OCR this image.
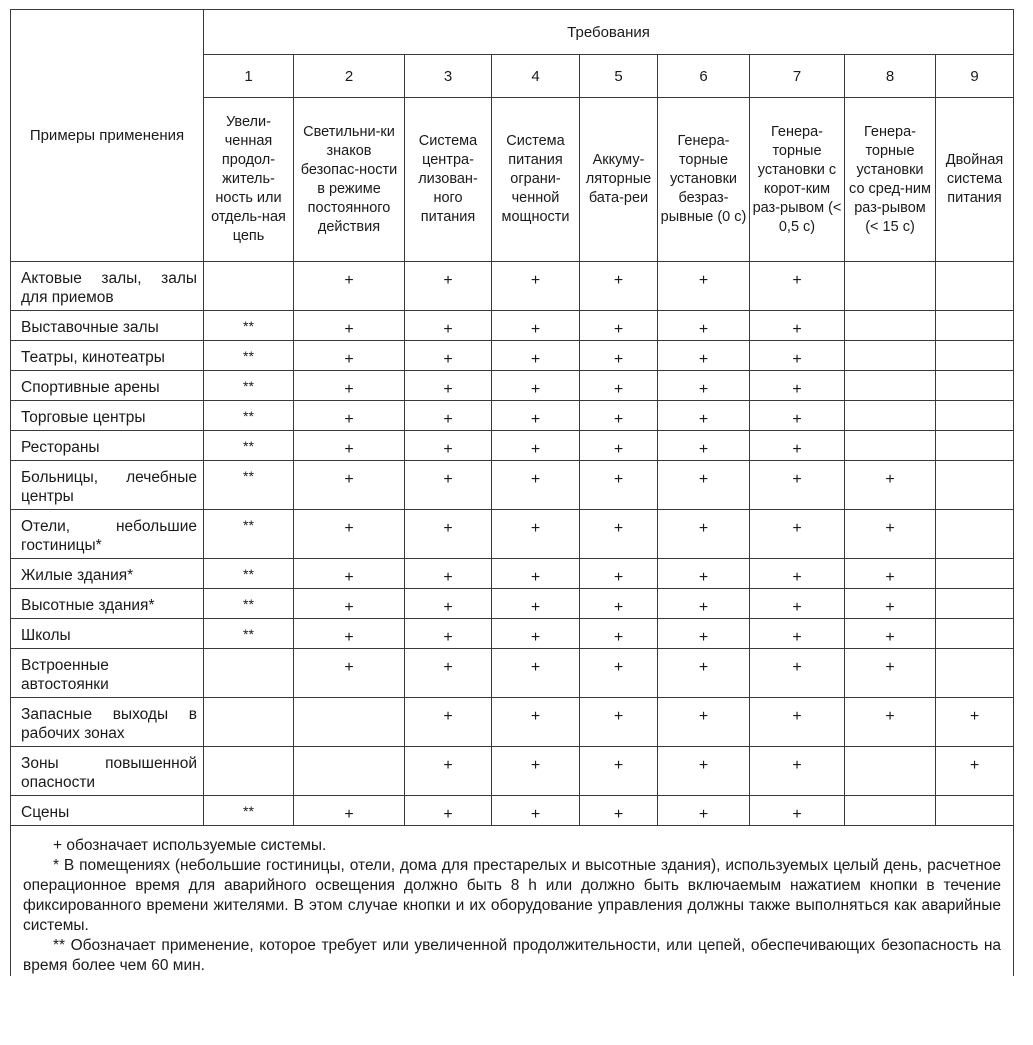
Примеры применения	Требования								
	1	2	3	4	5	6	7	8	9
	Увели-ченная продол-житель-ность или отдель-ная цепь	Светильни-ки знаков безопас-ности в режиме постоянного действия	Система центра-лизован-ного питания	Система питания ограни-ченной мощности	Аккуму-ляторные бата-реи	Генера-торные установки безраз-рывные (0 с)	Генера-торные установки с корот-ким раз-рывом (< 0,5 с)	Генера-торные установки со сред-ним раз-рывом (< 15 с)	Двойная система питания
Актовые залы, залы для приемов		+	+	+	+	+	+		
Выставочные залы	**	+	+	+	+	+	+		
Театры, кинотеатры	**	+	+	+	+	+	+		
Спортивные арены	**	+	+	+	+	+	+		
Торговые центры	**	+	+	+	+	+	+		
Рестораны	**	+	+	+	+	+	+		
Больницы, лечебные центры	**	+	+	+	+	+	+	+	
Отели, небольшие гостиницы*	**	+	+	+	+	+	+	+	
Жилые здания*	**	+	+	+	+	+	+	+	
Высотные здания*	**	+	+	+	+	+	+	+	
Школы	**	+	+	+	+	+	+	+	
Встроенные автостоянки		+	+	+	+	+	+	+	
Запасные выходы в рабочих зонах			+	+	+	+	+	+	+
Зоны повышенной опасности			+	+	+	+	+		+
Сцены	**	+	+	+	+	+	+		

+ обозначает используемые системы.

* В помещениях (небольшие гостиницы, отели, дома для престарелых и высотные здания), используемых целый день, расчетное операционное время для аварийного освещения должно быть 8 h или должно быть включаемым нажатием кнопки в течение фиксированного времени жителями. В этом случае кнопки и их оборудование управления должны также выполняться как аварийные системы.

** Обозначает применение, которое требует или увеличенной продолжительности, или цепей, обеспечивающих безопасность на время более чем 60 мин.									
